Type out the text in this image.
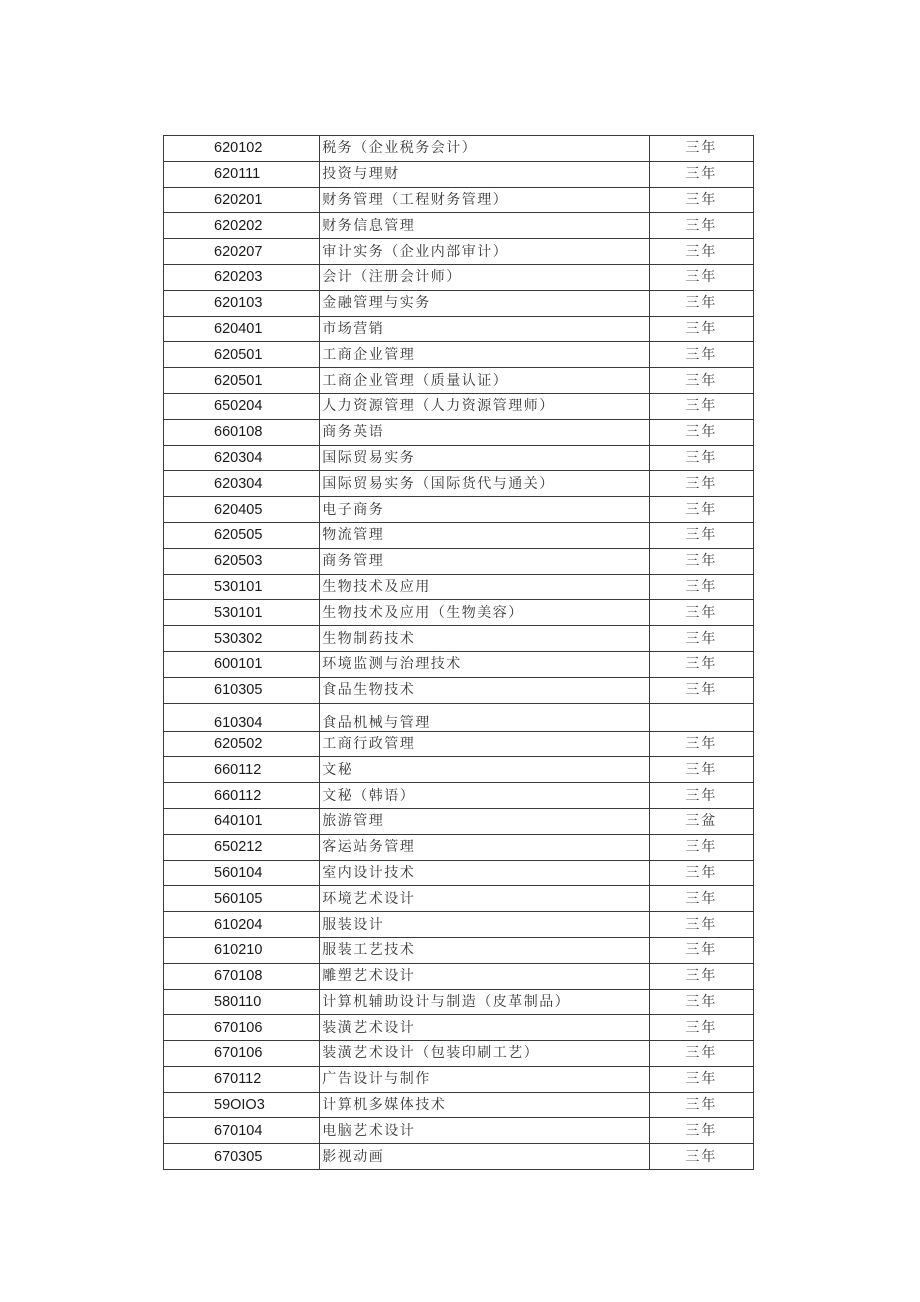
620102	税务（企业税务会计）	三年
620111	投资与理财	三年
620201	财务管理（工程财务管理）	三年
620202	财务信息管理	三年
620207	审计实务（企业内部审计）	三年
620203	会计（注册会计师）	三年
620103	金融管理与实务	三年
620401	市场营销	三年
620501	工商企业管理	三年
620501	工商企业管理（质量认证）	三年
650204	人力资源管理（人力资源管理师）	三年
660108	商务英语	三年
620304	国际贸易实务	三年
620304	国际贸易实务（国际货代与通关）	三年
620405	电子商务	三年
620505	物流管理	三年
620503	商务管理	三年
530101	生物技术及应用	三年
530101	生物技术及应用（生物美容）	三年
530302	生物制药技术	三年
600101	环境监测与治理技术	三年
610305	食品生物技术	三年
610304	食品机械与管理	
620502	工商行政管理	三年
660112	文秘	三年
660112	文秘（韩语）	三年
640101	旅游管理	三盆
650212	客运站务管理	三年
560104	室内设计技术	三年
560105	环境艺术设计	三年
610204	服装设计	三年
610210	服装工艺技术	三年
670108	雕塑艺术设计	三年
580110	计算机辅助设计与制造（皮革制品）	三年
670106	装潢艺术设计	三年
670106	装潢艺术设计（包装印刷工艺）	三年
670112	广告设计与制作	三年
59OIO3	计算机多媒体技术	三年
670104	电脑艺术设计	三年
670305	影视动画	三年
